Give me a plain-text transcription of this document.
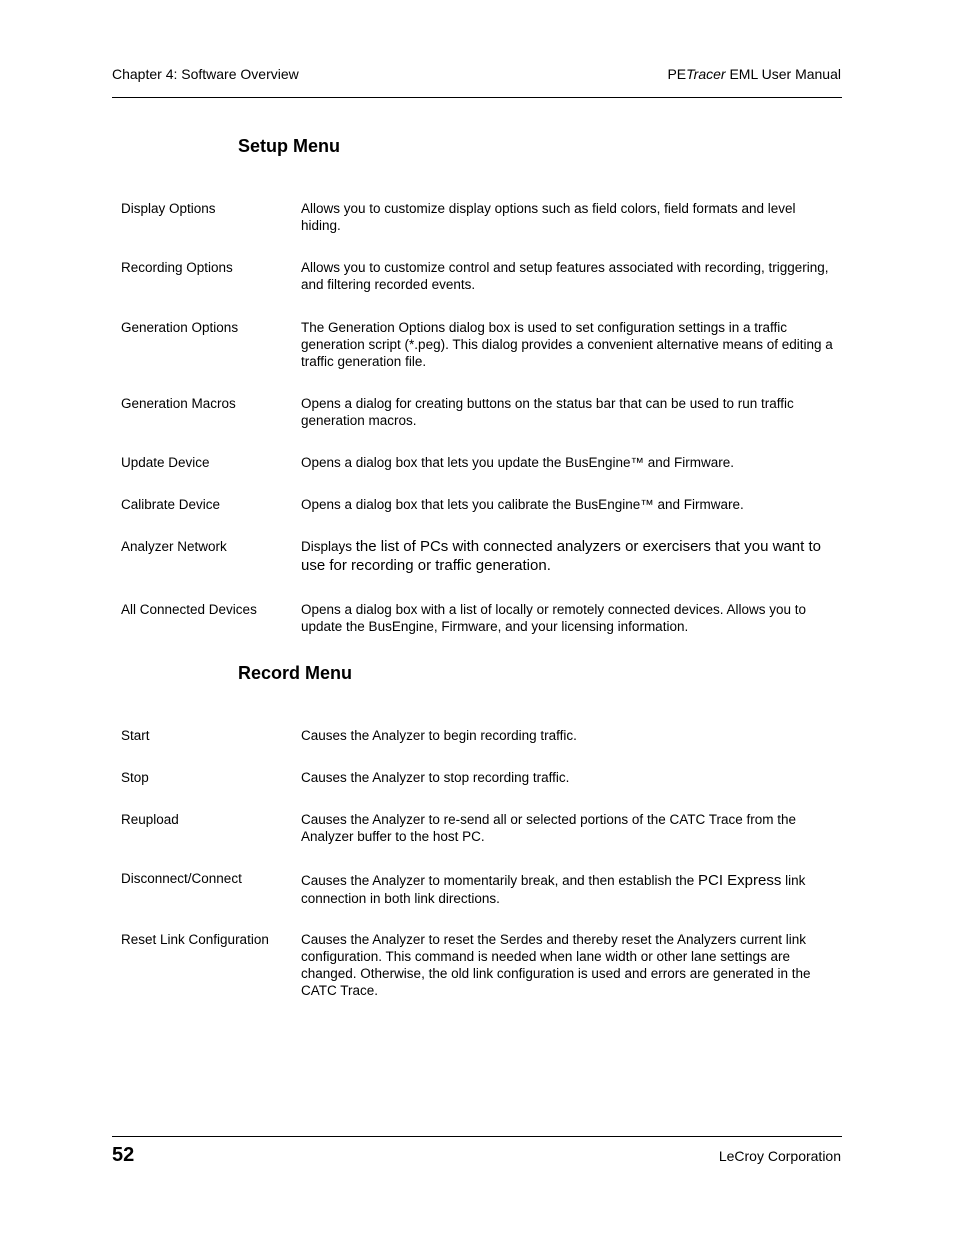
Chapter 4: Software Overview	PETracer EML User Manual
Setup Menu
Display Options	Allows you to customize display options such as field colors, field formats and level hiding.
Recording Options	Allows you to customize control and setup features associated with recording, triggering, and filtering recorded events.
Generation Options	The Generation Options dialog box is used to set configuration settings in a traffic generation script (*.peg). This dialog provides a convenient alternative means of editing a traffic generation file.
Generation Macros	Opens a dialog for creating buttons on the status bar that can be used to run traffic generation macros.
Update Device	Opens a dialog box that lets you update the BusEngine™ and Firmware.
Calibrate Device	Opens a dialog box that lets you calibrate the BusEngine™ and Firmware.
Analyzer Network	Displays the list of PCs with connected analyzers or exercisers that you want to use for recording or traffic generation.
All Connected Devices	Opens a dialog box with a list of locally or remotely connected devices. Allows you to update the BusEngine, Firmware, and your licensing information.
Record Menu
Start	Causes the Analyzer to begin recording traffic.
Stop	Causes the Analyzer to stop recording traffic.
Reupload	Causes the Analyzer to re-send all or selected portions of the CATC Trace from the Analyzer buffer to the host PC.
Disconnect/Connect	Causes the Analyzer to momentarily break, and then establish the PCI Express link connection in both link directions.
Reset Link Configuration	Causes the Analyzer to reset the Serdes and thereby reset the Analyzers current link configuration. This command is needed when lane width or other lane settings are changed. Otherwise, the old link configuration is used and errors are generated in the CATC Trace.
52	LeCroy Corporation
